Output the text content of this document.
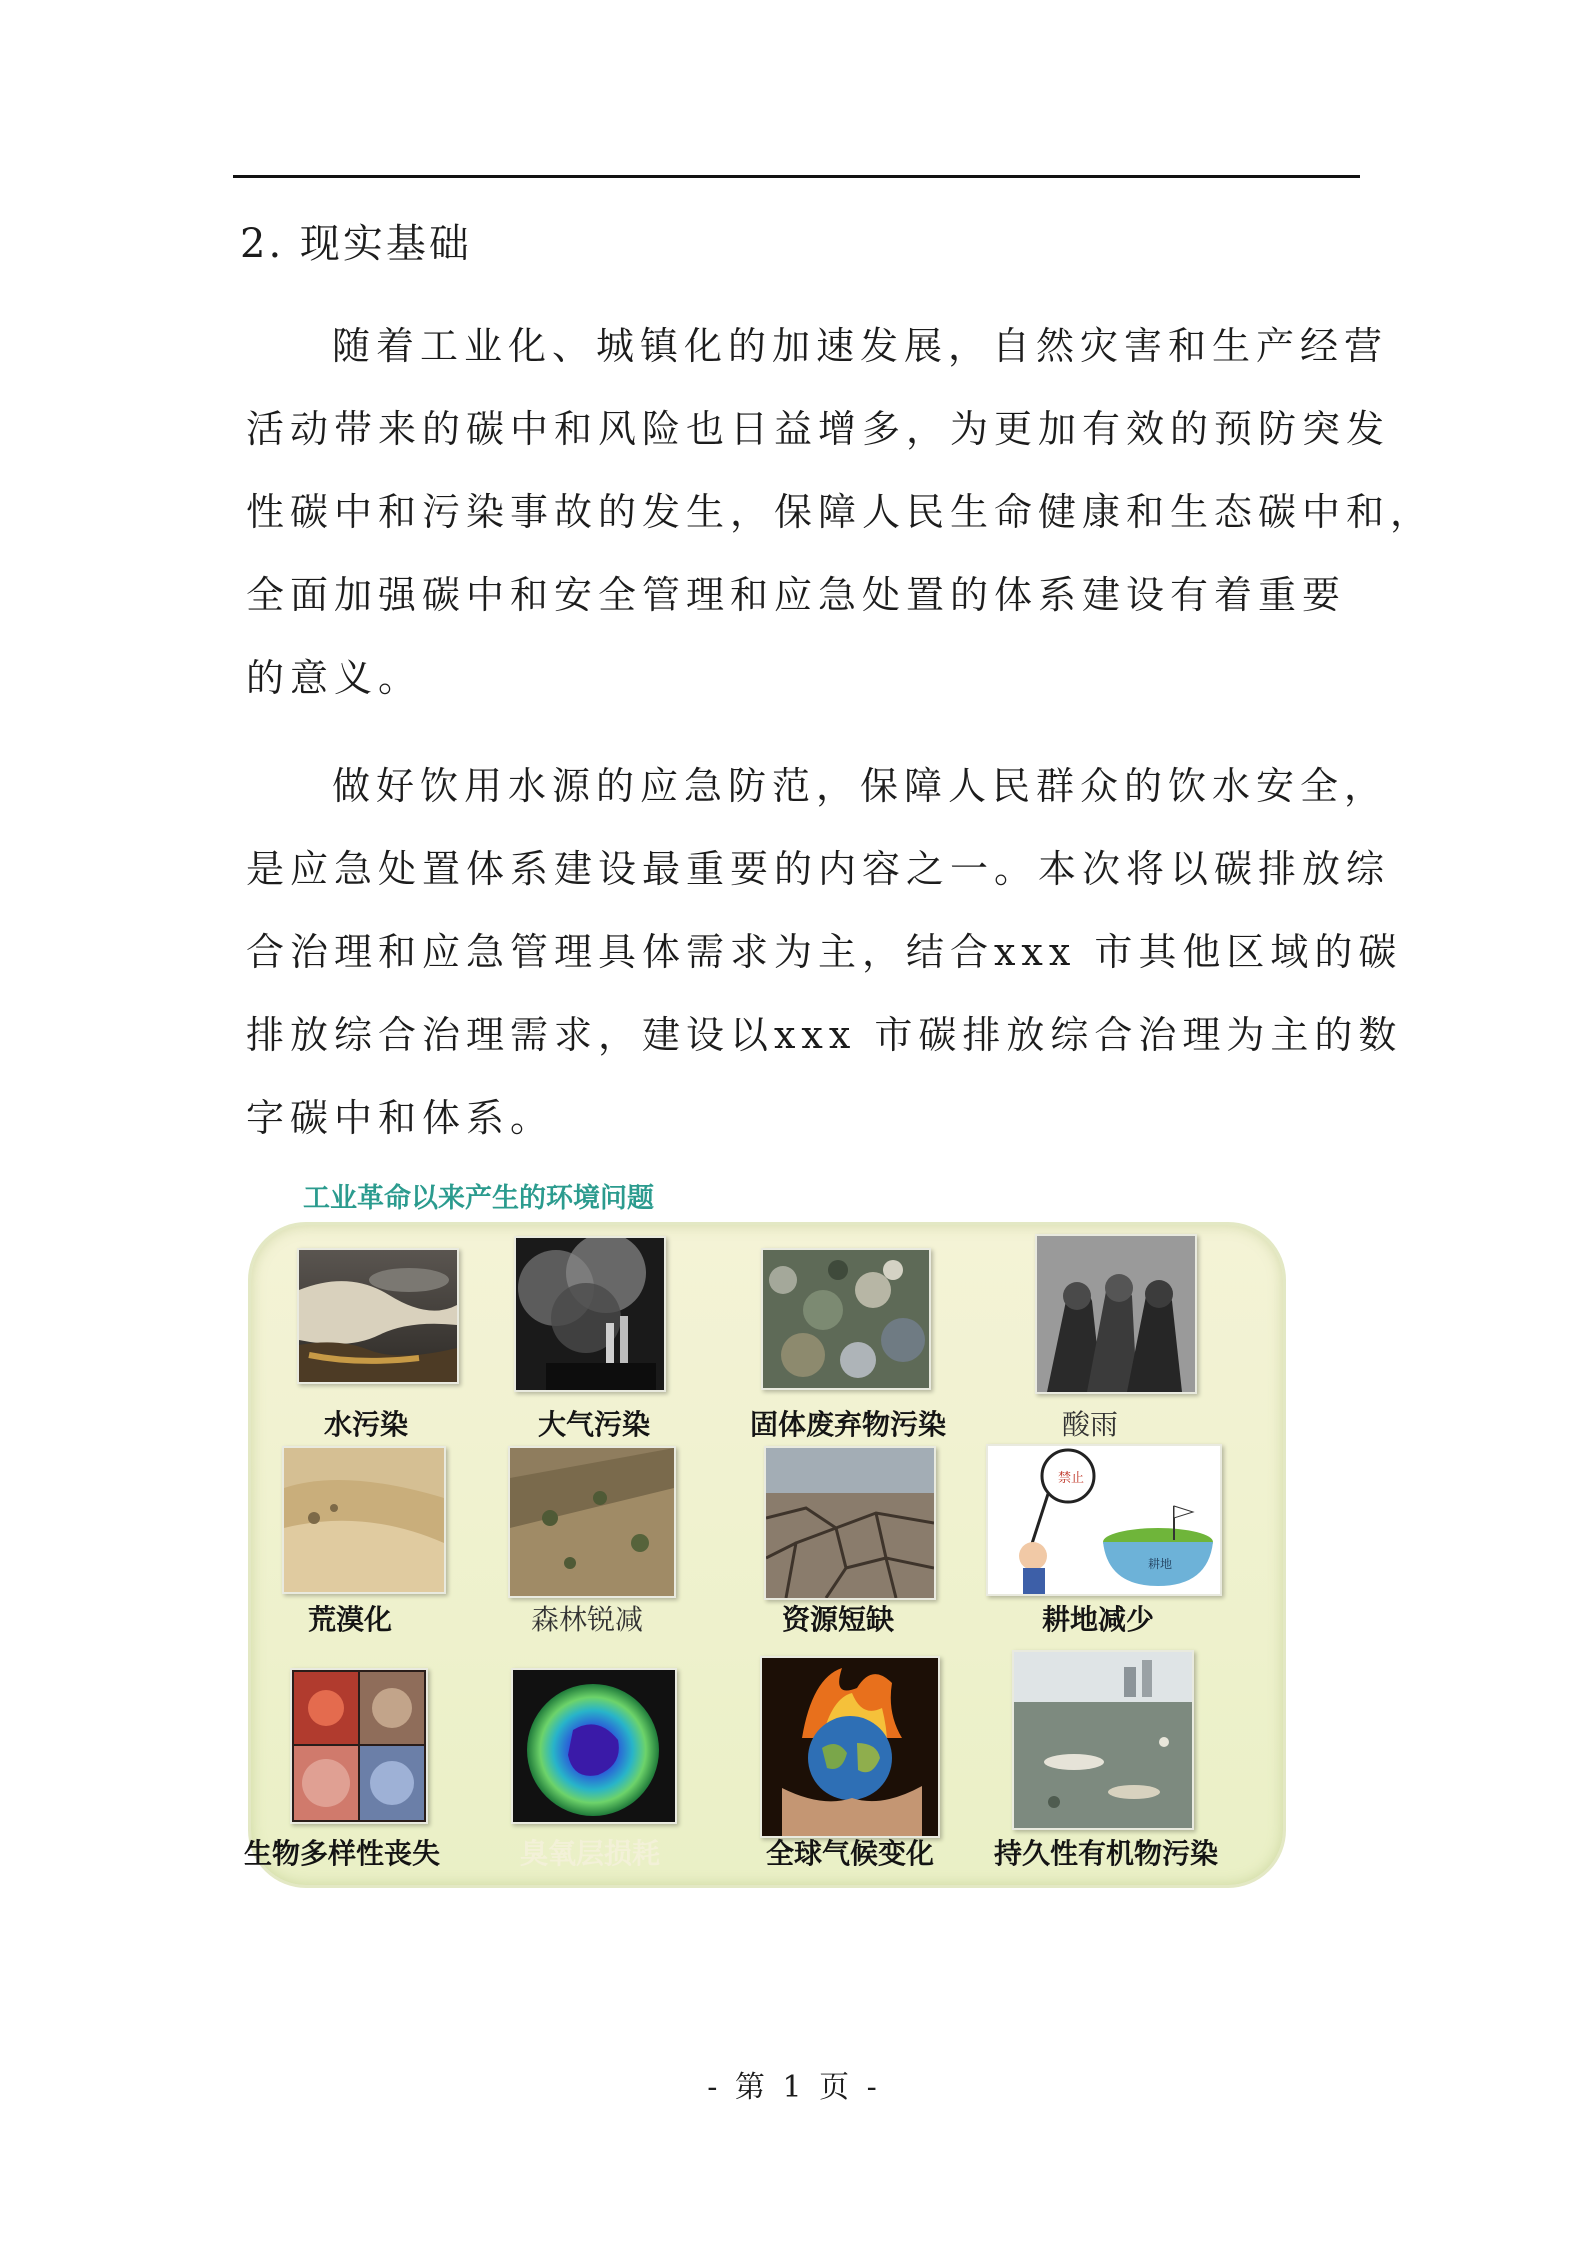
2. 现实基础
随着工业化、城镇化的加速发展，自然灾害和生产经营
活动带来的碳中和风险也日益增多，为更加有效的预防突发
性碳中和污染事故的发生，保障人民生命健康和生态碳中和，
全面加强碳中和安全管理和应急处置的体系建设有着重要
的意义。
做好饮用水源的应急防范，保障人民群众的饮水安全，
是应急处置体系建设最重要的内容之一。本次将以碳排放综
合治理和应急管理具体需求为主，结合xxx 市其他区域的碳
排放综合治理需求，建设以xxx 市碳排放综合治理为主的数
字碳中和体系。
工业革命以来产生的环境问题
水污染	大气污染	固体废弃物污染	酸雨
禁止
耕地
荒漠化	森林锐减	资源短缺	耕地减少
生物多样性丧失	臭氧层损耗	全球气候变化 持久性有机物污染
- 第 1 页 -
